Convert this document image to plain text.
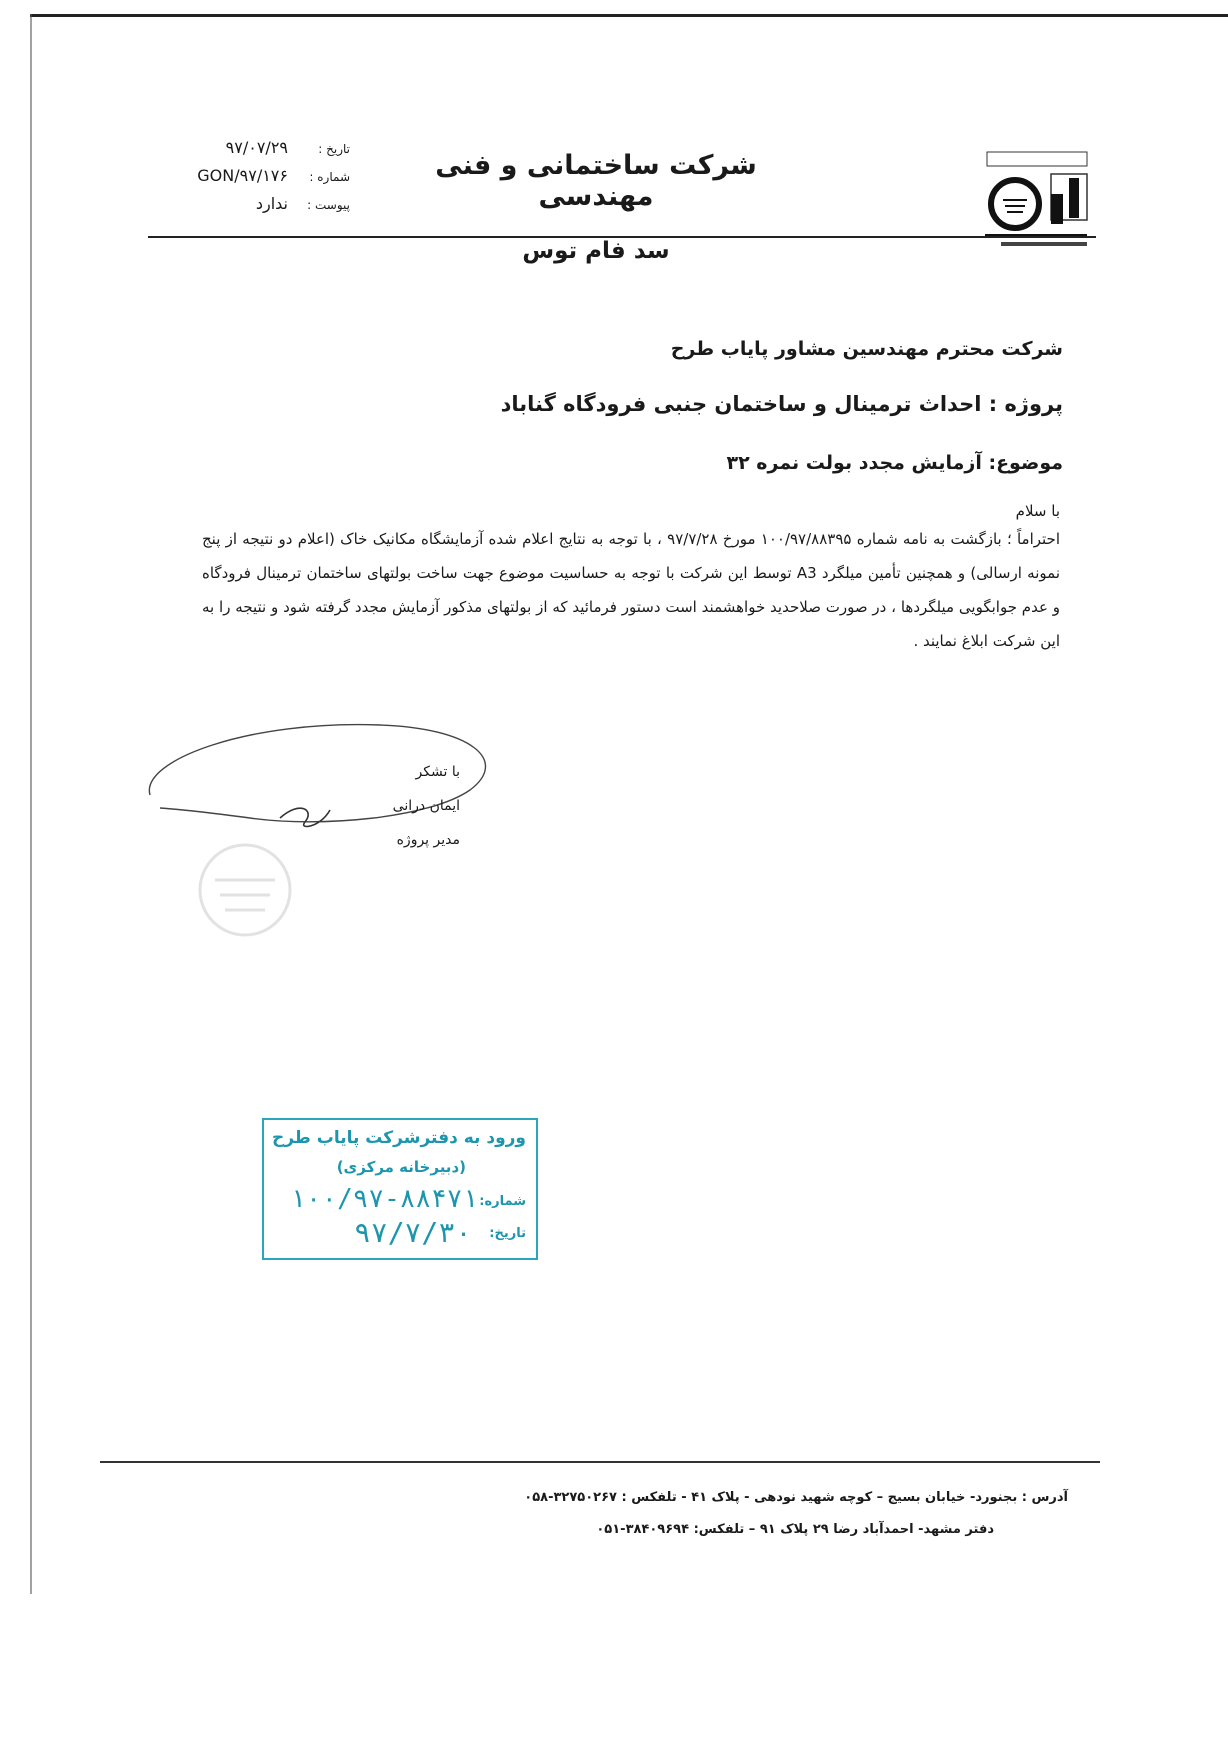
شرکت ساختمانی و فنی مهندسی
سد فام توس
تاریخ :
۹۷/۰۷/۲۹
شماره :
GON/۹۷/۱۷۶
پیوست :
ندارد
شرکت محترم مهندسین مشاور پایاب طرح
پروژه : احداث ترمینال و ساختمان جنبی فرودگاه گناباد
موضوع: آزمایش مجدد بولت نمره ۳۲
با سلام
احتراماً ؛ بازگشت به نامه شماره ۱۰۰/۹۷/۸۸۳۹۵ مورخ ۹۷/۷/۲۸ ، با توجه به نتایج اعلام شده آزمایشگاه مکانیک خاک (اعلام دو نتیجه از پنج نمونه ارسالی) و همچنین تأمین میلگرد A3 توسط این شرکت با توجه به حساسیت موضوع جهت ساخت بولتهای ساختمان ترمینال فرودگاه و عدم جوابگویی میلگردها ، در صورت صلاحدید خواهشمند است دستور فرمائید که از بولتهای مذکور آزمایش مجدد گرفته شود و نتیجه را به این شرکت ابلاغ نمایند .
با تشکر
ایمان درانی
مدیر پروژه
ورود به دفترشرکت پایاب طرح
(دبیرخانه مرکزی)
شماره:
۱۰۰/۹۷-۸۸۴۷۱
تاریخ:
۹۷/۷/۳۰
آدرس : بجنورد- خیابان بسیج – کوچه شهید نودهی - پلاک ۴۱ - تلفکس : ۳۲۷۵۰۲۶۷-۰۵۸
دفتر مشهد- احمدآباد رضا ۲۹ پلاک ۹۱ – تلفکس: ۳۸۴۰۹۶۹۴-۰۵۱
